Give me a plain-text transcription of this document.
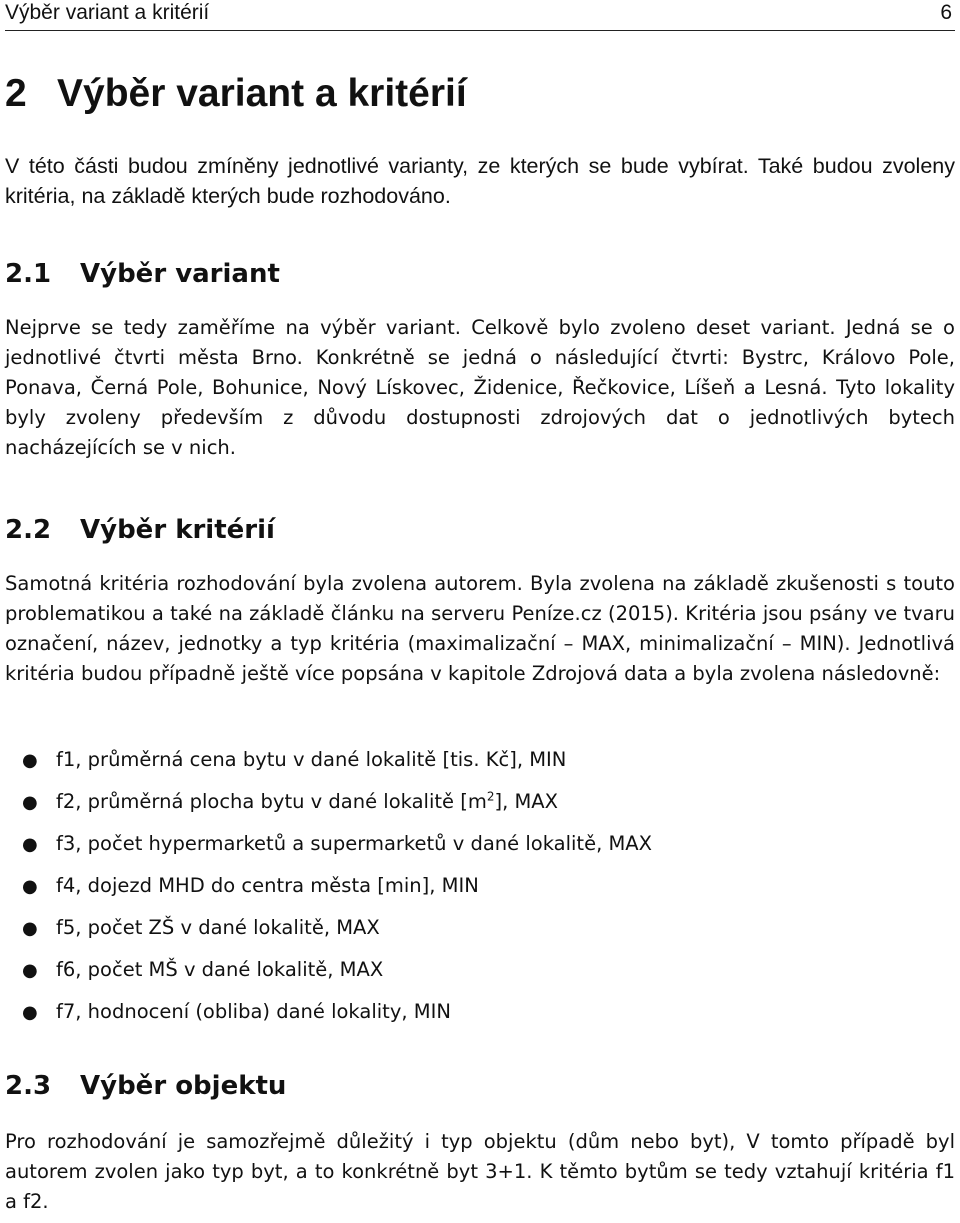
Výběr variant a kritérií	6
2 Výběr variant a kritérií

V této části budou zmíněny jednotlivé varianty, ze kterých se bude vybírat. Také budou zvoleny kritéria, na základě kterých bude rozhodováno.

2.1 Výběr variant

Nejprve se tedy zaměříme na výběr variant. Celkově bylo zvoleno deset variant. Jedná se o jednotlivé čtvrti města Brno. Konkrétně se jedná o následující čtvrti: Bystrc, Královo Pole, Ponava, Černá Pole, Bohunice, Nový Lískovec, Židenice, Řečkovice, Líšeň a Lesná. Tyto lokality byly zvoleny především z důvodu dostupnosti zdrojových dat o jednotlivých bytech nacházejících se v nich.

2.2 Výběr kritérií

Samotná kritéria rozhodování byla zvolena autorem. Byla zvolena na základě zkušenosti s touto problematikou a také na základě článku na serveru Peníze.cz (2015). Kritéria jsou psány ve tvaru označení, název, jednotky a typ kritéria (maximalizační – MAX, minimalizační – MIN). Jednotlivá kritéria budou případně ještě více popsána v kapitole Zdrojová data a byla zvolena následovně:

● f1, průměrná cena bytu v dané lokalitě [tis. Kč], MIN
● f2, průměrná plocha bytu v dané lokalitě $[m^2]$, MAX
● f3, počet hypermarketů a supermarketů v dané lokalitě, MAX
● f4, dojezd MHD do centra města [min], MIN
● f5, počet ZŠ v dané lokalitě, MAX
● f6, počet MŠ v dané lokalitě, MAX
● f7, hodnocení (obliba) dané lokality, MIN
2.3 Výběr objektu

Pro rozhodování je samozřejmě důležitý i typ objektu (dům nebo byt), V tomto případě byl autorem zvolen jako typ byt, a to konkrétně byt 3+1. K těmto bytům se tedy vztahují kritéria f1 a f2.
